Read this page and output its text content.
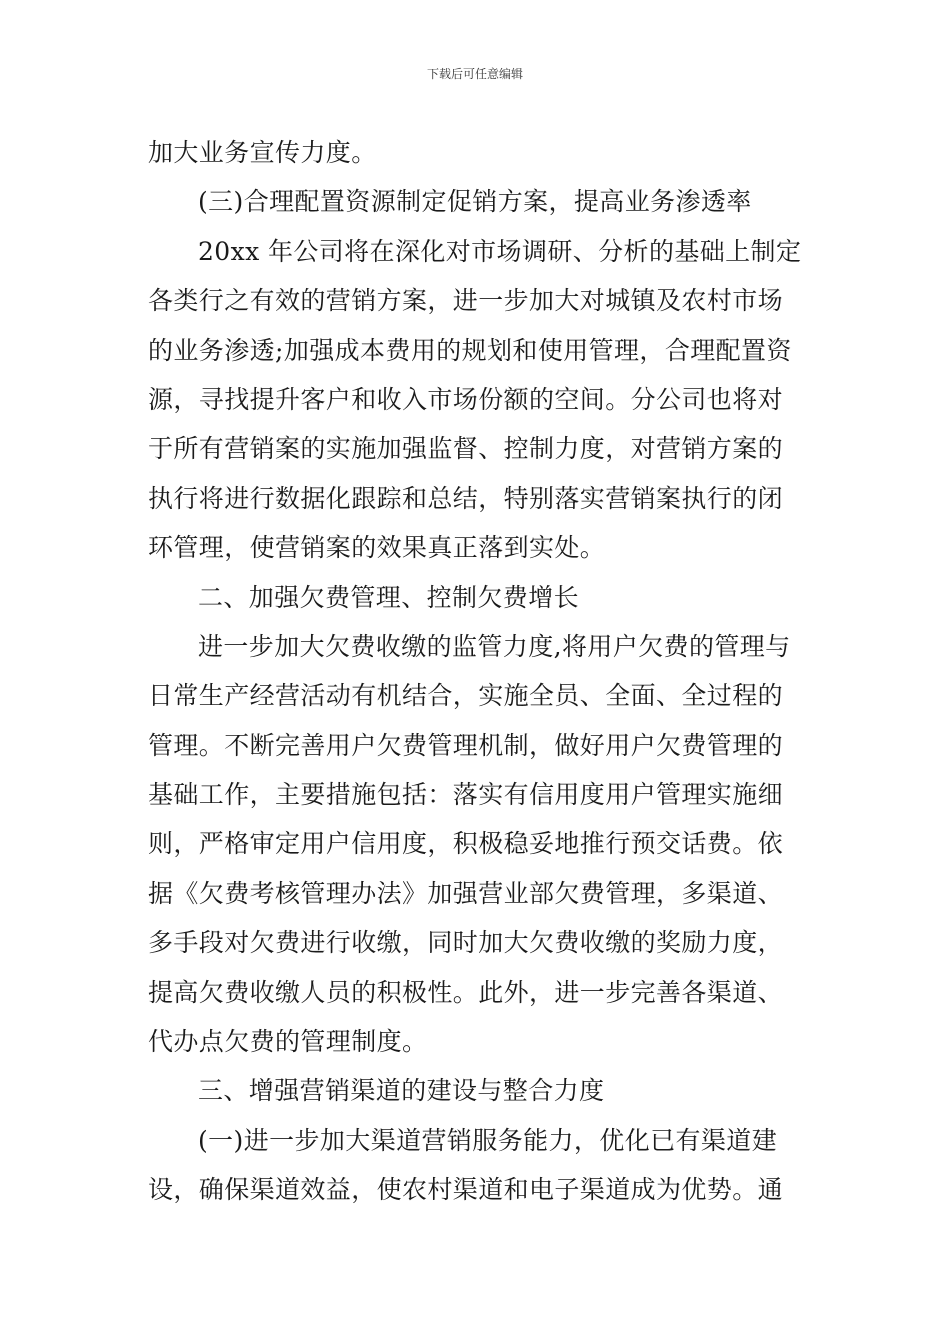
下载后可任意编辑
加大业务宣传力度。
(三)合理配置资源制定促销方案，提高业务渗透率
20xx 年公司将在深化对市场调研、分析的基础上制定
各类行之有效的营销方案，进一步加大对城镇及农村市场
的业务渗透;加强成本费用的规划和使用管理，合理配置资
源，寻找提升客户和收入市场份额的空间。分公司也将对
于所有营销案的实施加强监督、控制力度，对营销方案的
执行将进行数据化跟踪和总结，特别落实营销案执行的闭
环管理，使营销案的效果真正落到实处。
二、加强欠费管理、控制欠费增长
进一步加大欠费收缴的监管力度,将用户欠费的管理与
日常生产经营活动有机结合，实施全员、全面、全过程的
管理。不断完善用户欠费管理机制，做好用户欠费管理的
基础工作，主要措施包括：落实有信用度用户管理实施细
则，严格审定用户信用度，积极稳妥地推行预交话费。依
据《欠费考核管理办法》加强营业部欠费管理，多渠道、
多手段对欠费进行收缴，同时加大欠费收缴的奖励力度，
提高欠费收缴人员的积极性。此外，进一步完善各渠道、
代办点欠费的管理制度。
三、增强营销渠道的建设与整合力度
(一)进一步加大渠道营销服务能力，优化已有渠道建
设，确保渠道效益，使农村渠道和电子渠道成为优势。通
